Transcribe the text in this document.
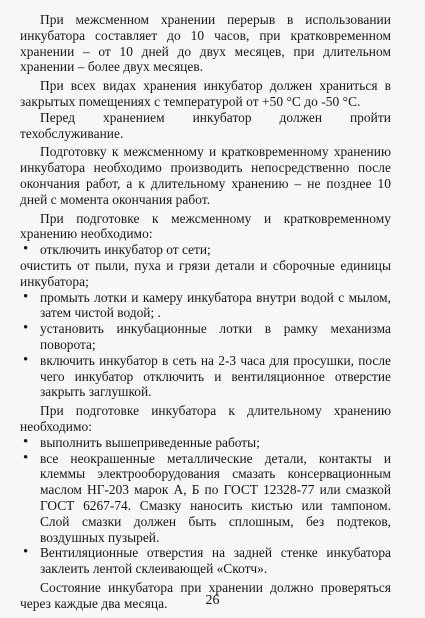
При межсменном хранении перерыв в использовании инкубатора составляет до 10 часов, при кратковременном хранении – от 10 дней до двух месяцев, при длительном хранении – более двух месяцев.

При всех видах хранения инкубатор должен храниться в закрытых помещениях с температурой от +50 °С до -50 °С.

Перед хранением инкубатор должен пройти техобслуживание.

Подготовку к межсменному и кратковременному хранению инкубатора необходимо производить непосредственно после окончания работ, а к длительному хранению – не позднее 10 дней с момента окончания работ.

При подготовке к межсменному и кратковременному хранению необходимо:

• отключить инкубатор от сети;

очистить от пыли, пуха и грязи детали и сборочные единицы инкубатора;

• промыть лотки и камеру инкубатора внутри водой с мылом, затем чистой водой; .
• установить инкубационные лотки в рамку механизма поворота;
• включить инкубатор в сеть на 2-3 часа для просушки, после чего инкубатор отключить и вентиляционное отверстие закрыть заглушкой.

При подготовке инкубатора к длительному хранению необходимо:

• выполнить вышеприведенные работы;
• все неокрашенные металлические детали, контакты и клеммы электрооборудования смазать консервационным маслом НГ-203 марок А, Б по ГОСТ 12328-77 или смазкой ГОСТ 6267-74. Смазку наносить кистью или тампоном. Слой смазки должен быть сплошным, без подтеков, воздушных пузырей.
• Вентиляционные отверстия на задней стенке инкубатора заклеить лентой склеивающей «Скотч».

Состояние инкубатора при хранении должно проверяться через каждые два месяца.	26
